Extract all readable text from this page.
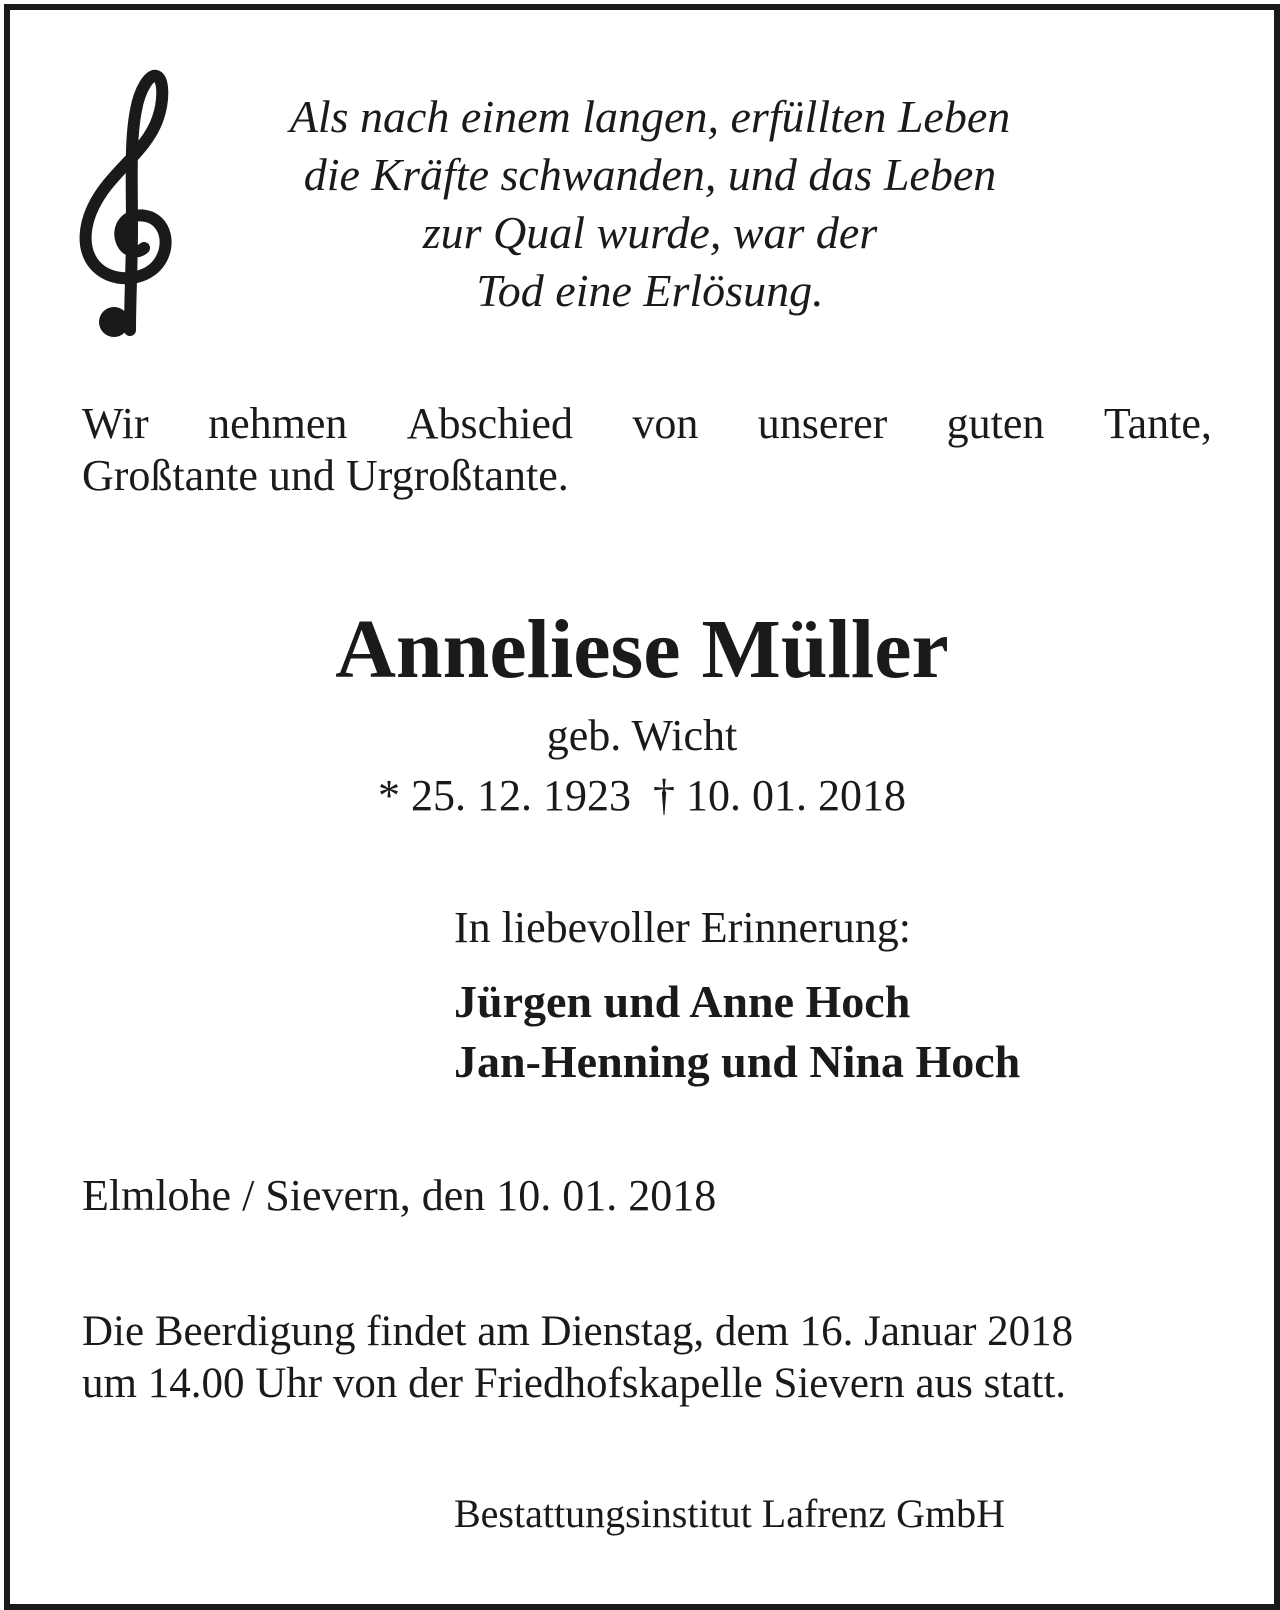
Als nach einem langen, erfüllten Leben
die Kräfte schwanden, und das Leben
zur Qual wurde, war der
Tod eine Erlösung.
Wir nehmen Abschied von unserer guten Tante,
Großtante und Urgroßtante.
Anneliese Müller
geb. Wicht
* 25. 12. 1923  † 10. 01. 2018
In liebevoller Erinnerung:
Jürgen und Anne Hoch
Jan-Henning und Nina Hoch
Elmlohe / Sievern, den 10. 01. 2018
Die Beerdigung findet am Dienstag, dem 16. Januar 2018
um 14.00 Uhr von der Friedhofskapelle Sievern aus statt.
Bestattungsinstitut Lafrenz GmbH
